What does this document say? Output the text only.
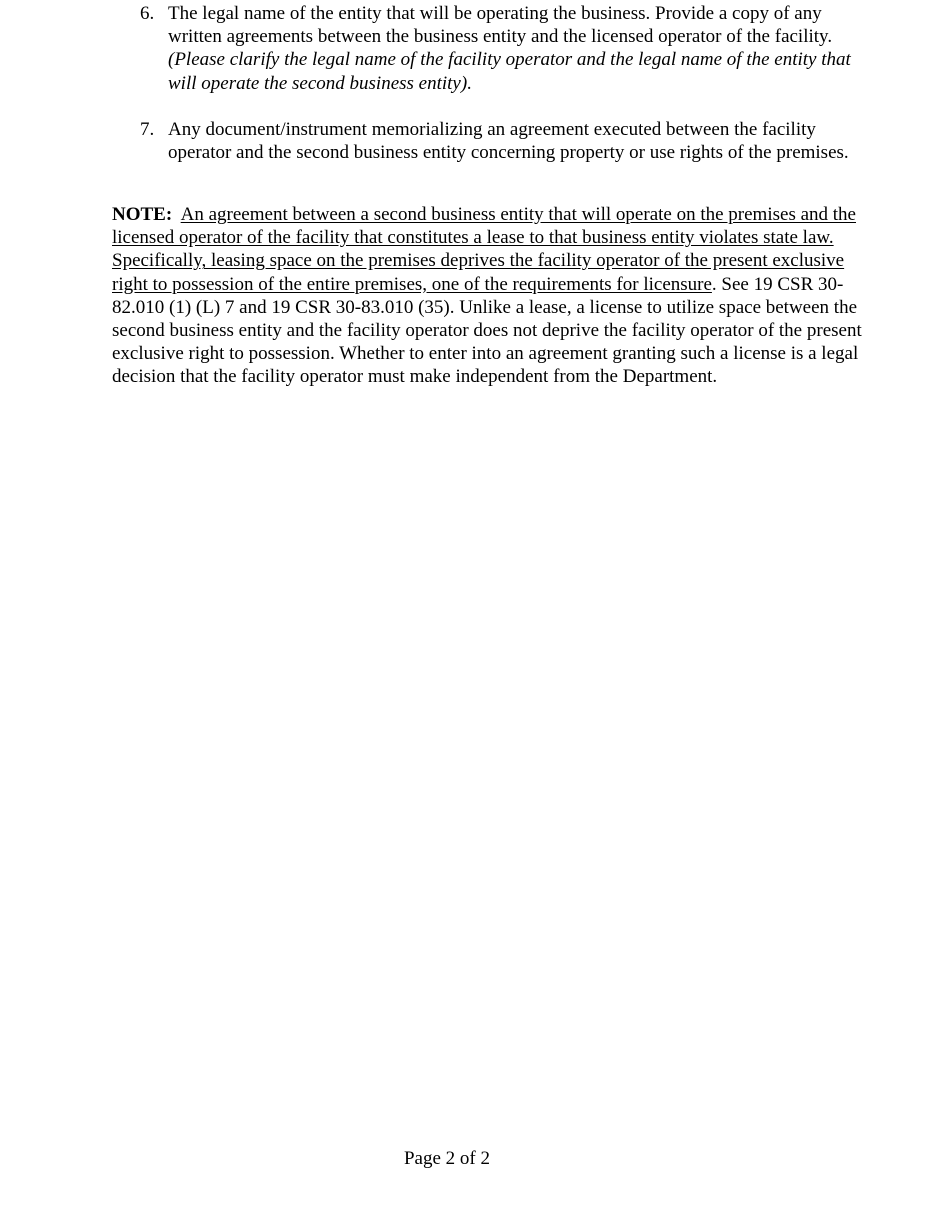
6. The legal name of the entity that will be operating the business. Provide a copy of any written agreements between the business entity and the licensed operator of the facility. (Please clarify the legal name of the facility operator and the legal name of the entity that will operate the second business entity).
7. Any document/instrument memorializing an agreement executed between the facility operator and the second business entity concerning property or use rights of the premises.
NOTE: An agreement between a second business entity that will operate on the premises and the licensed operator of the facility that constitutes a lease to that business entity violates state law. Specifically, leasing space on the premises deprives the facility operator of the present exclusive right to possession of the entire premises, one of the requirements for licensure. See 19 CSR 30-82.010 (1) (L) 7 and 19 CSR 30-83.010 (35). Unlike a lease, a license to utilize space between the second business entity and the facility operator does not deprive the facility operator of the present exclusive right to possession. Whether to enter into an agreement granting such a license is a legal decision that the facility operator must make independent from the Department.
Page 2 of 2
